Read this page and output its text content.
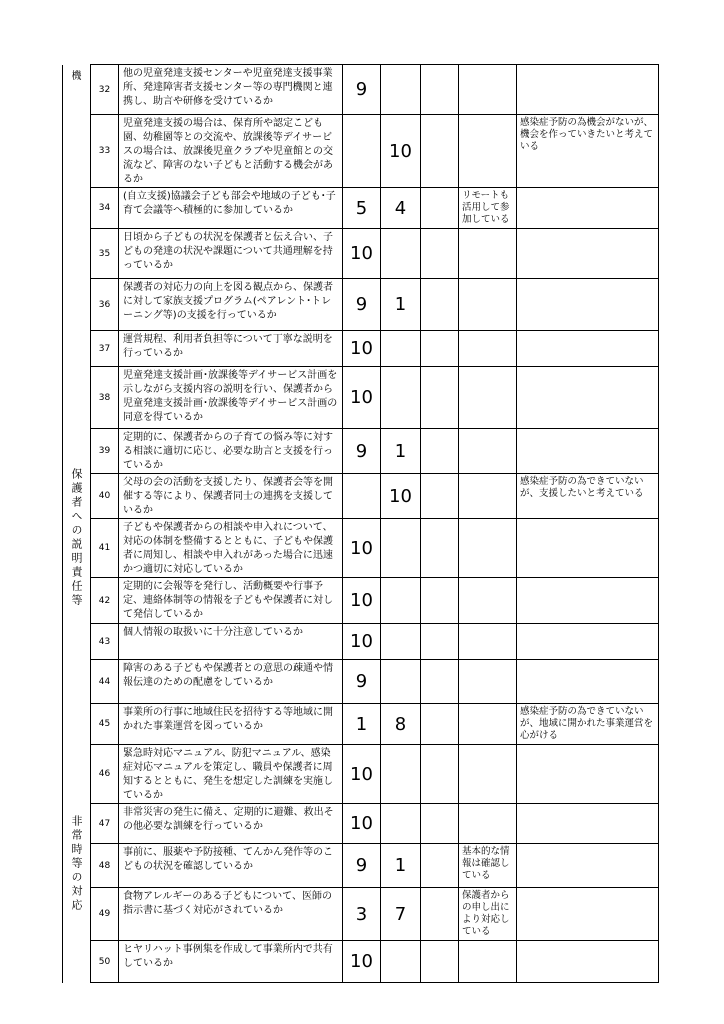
機	32	他の児童発達支援センターや児童発達支援事業所、発達障害者支援センター等の専門機関と連携し、助言や研修を受けているか	9				
	33	児童発達支援の場合は、保育所や認定こども園、幼稚園等との交流や、放課後等デイサービスの場合は、放課後児童クラブや児童館との交流など、障害のない子どもと活動する機会があるか		10			感染症予防の為機会がないが、機会を作っていきたいと考えている
	34	(自立支援)協議会子ども部会や地域の子ども･子育て会議等へ積極的に参加しているか	5	4		リモートも活用して参加している	
	35	日頃から子どもの状況を保護者と伝え合い、子どもの発達の状況や課題について共通理解を持っているか	10				
	36	保護者の対応力の向上を図る観点から、保護者に対して家族支援プログラム(ペアレント･トレーニング等)の支援を行っているか	9	1			

保護者への説明責任等	37	運営規程、利用者負担等について丁寧な説明を行っているか	10				
	38	児童発達支援計画･放課後等デイサービス計画を示しながら支援内容の説明を行い、保護者から児童発達支援計画･放課後等デイサービス計画の同意を得ているか	10				
	39	定期的に、保護者からの子育ての悩み等に対する相談に適切に応じ、必要な助言と支援を行っているか	9	1			
	40	父母の会の活動を支援したり、保護者会等を開催する等により、保護者同士の連携を支援しているか		10			感染症予防の為できていないが、支援したいと考えている
	41	子どもや保護者からの相談や申入れについて、対応の体制を整備するとともに、子どもや保護者に周知し、相談や申入れがあった場合に迅速かつ適切に対応しているか	10				
	42	定期的に会報等を発行し、活動概要や行事予定、連絡体制等の情報を子どもや保護者に対して発信しているか	10				
	43	個人情報の取扱いに十分注意しているか	10				
	44	障害のある子どもや保護者との意思の疎通や情報伝達のための配慮をしているか	9				
	45	事業所の行事に地域住民を招待する等地域に開かれた事業運営を図っているか	1	8			感染症予防の為できていないが、地域に開かれた事業運営を心がける

非常時等の対応	46	緊急時対応マニュアル、防犯マニュアル、感染症対応マニュアルを策定し、職員や保護者に周知するとともに、発生を想定した訓練を実施しているか	10				
	47	非常災害の発生に備え、定期的に避難、救出その他必要な訓練を行っているか	10				
	48	事前に、服薬や予防接種、てんかん発作等のこどもの状況を確認しているか	9	1		基本的な情報は確認している	
	49	食物アレルギーのある子どもについて、医師の指示書に基づく対応がされているか	3	7		保護者からの申し出により対応している	
	50	ヒヤリハット事例集を作成して事業所内で共有しているか	10				
